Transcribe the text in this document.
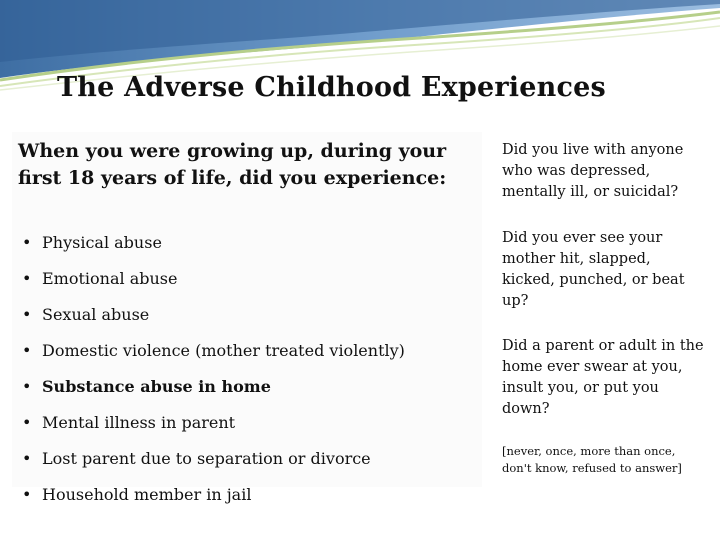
The Adverse Childhood Experiences

When you were growing up, during your first 18 years of life, did you experience:

• Physical abuse
• Emotional abuse
• Sexual abuse
• Domestic violence (mother treated violently)
• Substance abuse in home
• Mental illness in parent
• Lost parent due to separation or divorce
• Household member in jail

Did you live with anyone who was depressed, mentally ill, or suicidal?

Did you ever see your mother hit, slapped, kicked, punched, or beat up?

Did a parent or adult in the home ever swear at you, insult you, or put you down?

[never, once, more than once, don't know, refused to answer]
